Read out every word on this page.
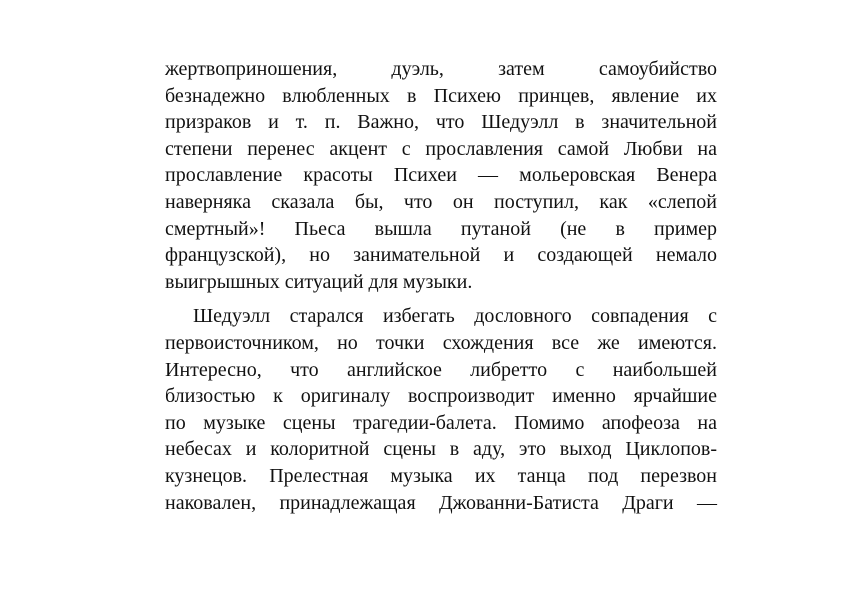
жертвоприношения, дуэль, затем самоубийство
безнадежно влюбленных в Психею принцев, явление их
призраков и т. п. Важно, что Шедуэлл в значительной
степени перенес акцент с прославления самой Любви на
прославление красоты Психеи — мольеровская Венера
наверняка сказала бы, что он поступил, как «слепой
смертный»! Пьеса вышла путаной (не в пример
французской), но занимательной и создающей немало
выигрышных ситуаций для музыки.

Шедуэлл старался избегать дословного совпадения с
первоисточником, но точки схождения все же имеются.
Интересно, что английское либретто с наибольшей
близостью к оригиналу воспроизводит именно ярчайшие
по музыке сцены трагедии-балета. Помимо апофеоза на
небесах и колоритной сцены в аду, это выход Циклопов-
кузнецов. Прелестная музыка их танца под перезвон
наковален, принадлежащая Джованни-Батиста Драги —
